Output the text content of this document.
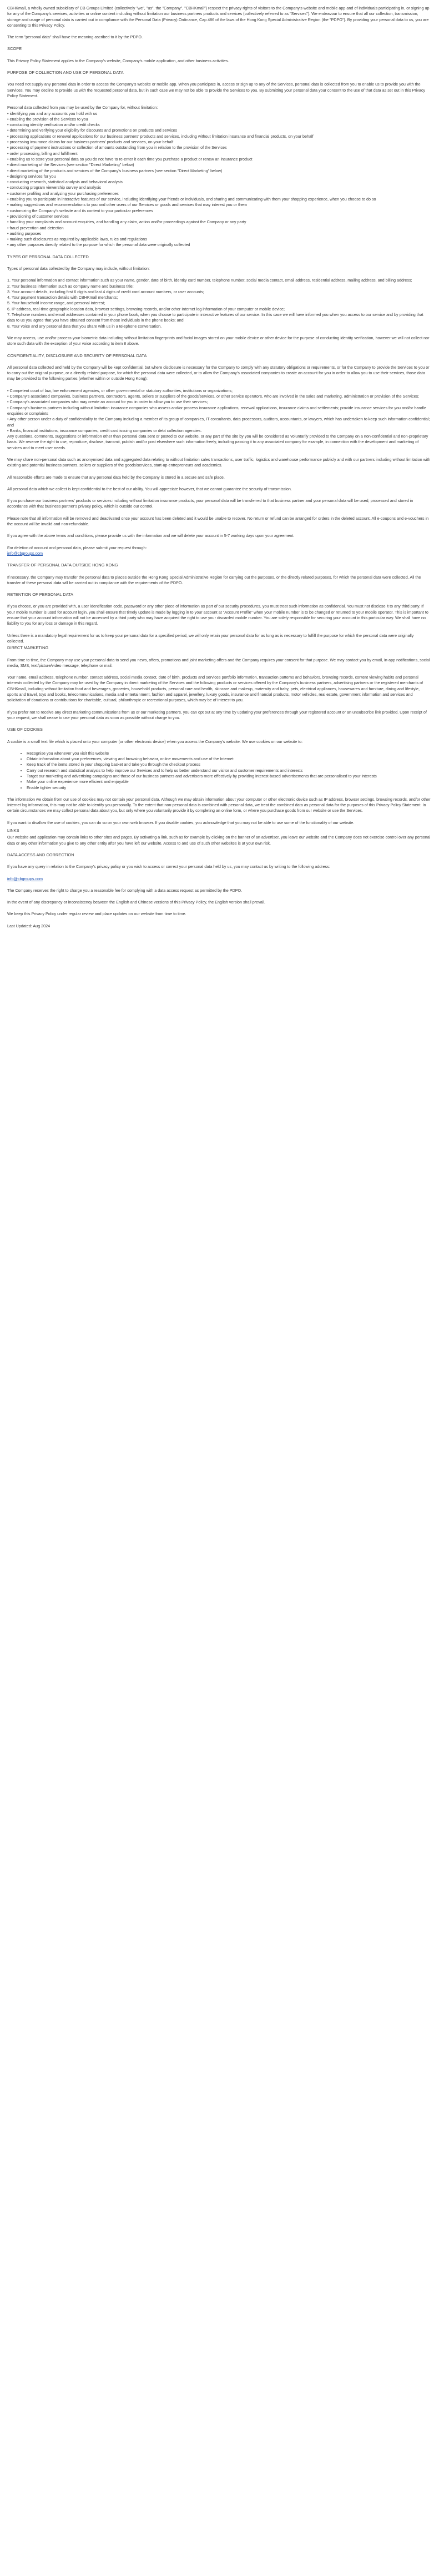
CBHKmall, a wholly owned subsidiary of CB Groups Limited (collectively "we", "us", the "Company", "CBHKmall") respect the privacy rights of visitors to the Company's website and mobile app and of individuals participating in, or signing up for any of the Company's services, activities or online content including without limitation our business partners products and services (collectively referred to as "Services"). We endeavour to ensure that all our collection, transmission, storage and usage of personal data is carried out in compliance with the Personal Data (Privacy) Ordinance, Cap 486 of the laws of the Hong Kong Special Administrative Region (the "PDPO"). By providing your personal data to us, you are consenting to this Privacy Policy.

The term "personal data" shall have the meaning ascribed to it by the PDPO.

SCOPE

This Privacy Policy Statement applies to the Company's website, Company's mobile application, and other business activities.

PURPOSE OF COLLECTION AND USE OF PERSONAL DATA

You need not supply any personal data in order to access the Company's website or mobile app. When you participate in, access or sign up to any of the Services, personal data is collected from you to enable us to provide you with the Services. You may decline to provide us with the requested personal data, but in such case we may not be able to provide the Services to you. By submitting your personal data your consent to the use of that data as set out in this Privacy Policy Statement.

Personal data collected from you may be used by the Company for, without limitation:

• identifying you and any accounts you hold with us
• enabling the provision of the Services to you
• conducting identity verification and/or credit checks
• determining and verifying your eligibility for discounts and promotions on products and services
• processing applications or renewal applications for our business partners' products and services, including without limitation insurance and financial products, on your behalf
• processing insurance claims for our business partners' products and services, on your behalf
• processing of payment instructions or collection of amounts outstanding from you in relation to the provision of the Services
• order processing, billing and fulfillment
• enabling us to store your personal data so you do not have to re-enter it each time you purchase a product or renew an insurance product
• direct marketing of the Services (see section "Direct Marketing" below)
• direct marketing of the products and services of the Company's business partners (see section "Direct Marketing" below)
• designing services for you
• conducting research, statistical analysis and behavioral analysis
• conducting program viewership survey and analysis
• customer profiling and analyzing your purchasing preferences
• enabling you to participate in interactive features of our service, including identifying your friends or individuals, and sharing and communicating with them your shopping experience, when you choose to do so
• making suggestions and recommendations to you and other users of our Services or goods and services that may interest you or them
• customizing the Company's website and its content to your particular preferences
• provisioning of customer services
• handling your complaints and account enquiries, and handling any claim, action and/or proceedings against the Company or any party
• fraud prevention and detection
• auditing purposes
• making such disclosures as required by applicable laws, rules and regulations
• any other purposes directly related to the purpose for which the personal data were originally collected
TYPES OF PERSONAL DATA COLLECTED

Types of personal data collected by the Company may include, without limitation:

1. Your personal information and contact information such as your name, gender, date of birth, identity card number, telephone number, social media contact, email address, residential address, mailing address, and billing address;
2. Your business information such as company name and business title;
3. Your account details, including first 6 digits and last 4 digits of credit card account numbers, or user accounts;
4. Your payment transaction details with CBHKmall merchants;
5. Your household income range, and personal interest;
6. IP address, real-time geographic location data, browser settings, browsing records, and/or other Internet log information of your computer or mobile device;
7. Telephone numbers and email addresses contained in your phone book, when you choose to participate in interactive features of our service. In this case we will have informed you when you access to our service and by providing that data to us you agree that you have obtained consent from those individuals in the phone books; and
8. Your voice and any personal data that you share with us in a telephone conversation.

We may access, use and/or process your biometric data including without limitation fingerprints and facial images stored on your mobile device or other device for the purpose of conducting identity verification, however we will not collect nor store such data with the exception of your voice according to item 8 above.

CONFIDENTIALITY, DISCLOSURE AND SECURITY OF PERSONAL DATA

All personal data collected and held by the Company will be kept confidential, but where disclosure is necessary for the Company to comply with any statutory obligations or requirements, or for the Company to provide the Services to you or to carry out the original purpose, or a directly related purpose, for which the personal data were collected, or to allow the Company's associated companies to create an account for you in order to allow you to use their services, those data may be provided to the following parties (whether within or outside Hong Kong):

• Competent court of law, law enforcement agencies, or other governmental or statutory authorities, institutions or organizations;
• Company's associated companies, business partners, contractors, agents, sellers or suppliers of the goods/services, or other service operators, who are involved in the sales and marketing, administration or provision of the Services;
• Company's associated companies who may create an account for you in order to allow you to use their services;
• Company's business partners including without limitation insurance companies who assess and/or process insurance applications, renewal applications, insurance claims and settlements; provide insurance services for you and/or handle enquiries or complaints
• Any other person under a duty of confidentiality to the Company including a member of its group of companies, IT consultants, data processors, auditors, accountants, or lawyers, which has undertaken to keep such information confidential; and
• Banks, financial institutions, insurance companies, credit card issuing companies or debt collection agencies.

Any questions, comments, suggestions or information other than personal data sent or posted to our website, or any part of the site by you will be considered as voluntarily provided to the Company on a non-confidential and non-proprietary basis. We reserve the right to use, reproduce, disclose, transmit, publish and/or post elsewhere such information freely, including passing it to any associated company for example, in connection with the development and marketing of services and to meet user needs.

We may share non-personal data such as anonymised data and aggregated data relating to without limitation sales transactions, user traffic, logistics and warehouse performance publicly and with our partners including without limitation with existing and potential business partners, sellers or suppliers of the goods/services, start-up entrepreneurs and academics.

All reasonable efforts are made to ensure that any personal data held by the Company is stored in a secure and safe place.

All personal data which we collect is kept confidential to the best of our ability. You will appreciate however, that we cannot guarantee the security of transmission.

If you purchase our business partners' products or services including without limitation insurance products, your personal data will be transferred to that business partner and your personal data will be used, processed and stored in accordance with that business partner's privacy policy, which is outside our control.

Please note that all information will be removed and deactivated once your account has been deleted and it would be unable to recover. No return or refund can be arranged for orders in the deleted account. All e-coupons and e-vouchers in the account will be invalid and non-refundable.

If you agree with the above terms and conditions, please provide us with the information and we will delete your account in 5-7 working days upon your agreement.

For deletion of account and personal data, please submit your request through:
info@cbgroups.com

TRANSFER OF PERSONAL DATA OUTSIDE HONG KONG

If necessary, the Company may transfer the personal data to places outside the Hong Kong Special Administrative Region for carrying out the purposes, or the directly related purposes, for which the personal data were collected. All the transfer of these personal data will be carried out in compliance with the requirements of the PDPO.

RETENTION OF PERSONAL DATA

If you choose, or you are provided with, a user identification code, password or any other piece of information as part of our security procedures, you must treat such information as confidential. You must not disclose it to any third party. If your mobile number is used for account login, you shall ensure that timely update is made by logging in to your account at "Account Profile" when your mobile number is to be changed or returned to your mobile operator. This is important to ensure that your account information will not be accessed by a third party who may have acquired the right to use your discarded mobile number. You are solely responsible for securing your account in this particular way. We shall have no liability to you for any loss or damage in this regard.

Unless there is a mandatory legal requirement for us to keep your personal data for a specified period, we will only retain your personal data for as long as is necessary to fulfill the purpose for which the personal data were originally collected.

DIRECT MARKETING

From time to time, the Company may use your personal data to send you news, offers, promotions and joint marketing offers and the Company requires your consent for that purpose. We may contact you by email, in-app notifications, social media, SMS, text/picture/video message, telephone or mail.

Your name, email address, telephone number, contact address, social media contact, date of birth, products and services portfolio information, transaction patterns and behaviors, browsing records, content viewing habits and personal interests collected by the Company may be used by the Company in direct marketing of the Services and the following products or services offered by the Company's business partners, advertising partners or the registered merchants of CBHKmall, including without limitation food and beverages, groceries, household products, personal care and health, skincare and makeup, maternity and baby, pets, electrical appliances, housewares and furniture, dining and lifestyle, sports and travel, toys and books, telecommunications, media and entertainment, fashion and apparel, jewellery, luxury goods, insurance and financial products, motor vehicles, real estate, government information and services and solicitation of donations or contributions for charitable, cultural, philanthropic or recreational purposes, which may be of interest to you.

If you prefer not to receive any direct marketing communications from us or our marketing partners, you can opt out at any time by updating your preferences through your registered account or an unsubscribe link provided. Upon receipt of your request, we shall cease to use your personal data as soon as possible without charge to you.

USE OF COOKIES

A cookie is a small text file which is placed onto your computer (or other electronic device) when you access the Company's website. We use cookies on our website to:

• Recognise you whenever you visit this website
• Obtain information about your preferences, viewing and browsing behavior, online movements and use of the Internet
• Keep track of the items stored in your shopping basket and take you through the checkout process
• Carry out research and statistical analysis to help improve our Services and to help us better understand our visitor and customer requirements and interests
• Target our marketing and advertising campaigns and those of our business partners and advertisers more effectively by providing interest-based advertisements that are personalised to your interests
• Make your online experience more efficient and enjoyable
• Enable tighter security

The information we obtain from our use of cookies may not contain your personal data. Although we may obtain information about your computer or other electronic device such as IP address, browser settings, browsing records, and/or other Internet log information, this may not be able to identify you personally. To the extent that non-personal data is combined with personal data, we treat the combined data as personal data for the purposes of this Privacy Policy Statement. In certain circumstances we may collect personal data about you, but only where you voluntarily provide it by completing an online form, or where you purchase goods from our website or use the Services.

If you want to disallow the use of cookies, you can do so on your own web browser. If you disable cookies, you acknowledge that you may not be able to use some of the functionality of our website.

LINKS

Our website and application may contain links to other sites and pages. By activating a link, such as for example by clicking on the banner of an advertiser, you leave our website and the Company does not exercise control over any personal data or any other information you give to any other entity after you have left our website. Access to and use of such other websites is at your own risk.

DATA ACCESS AND CORRECTION

If you have any query in relation to the Company's privacy policy or you wish to access or correct your personal data held by us, you may contact us by writing to the following address:

info@cbgroups.com

The Company reserves the right to charge you a reasonable fee for complying with a data access request as permitted by the PDPO.

In the event of any discrepancy or inconsistency between the English and Chinese versions of this Privacy Policy, the English version shall prevail.

We keep this Privacy Policy under regular review and place updates on our website from time to time.

Last Updated: Aug 2024
